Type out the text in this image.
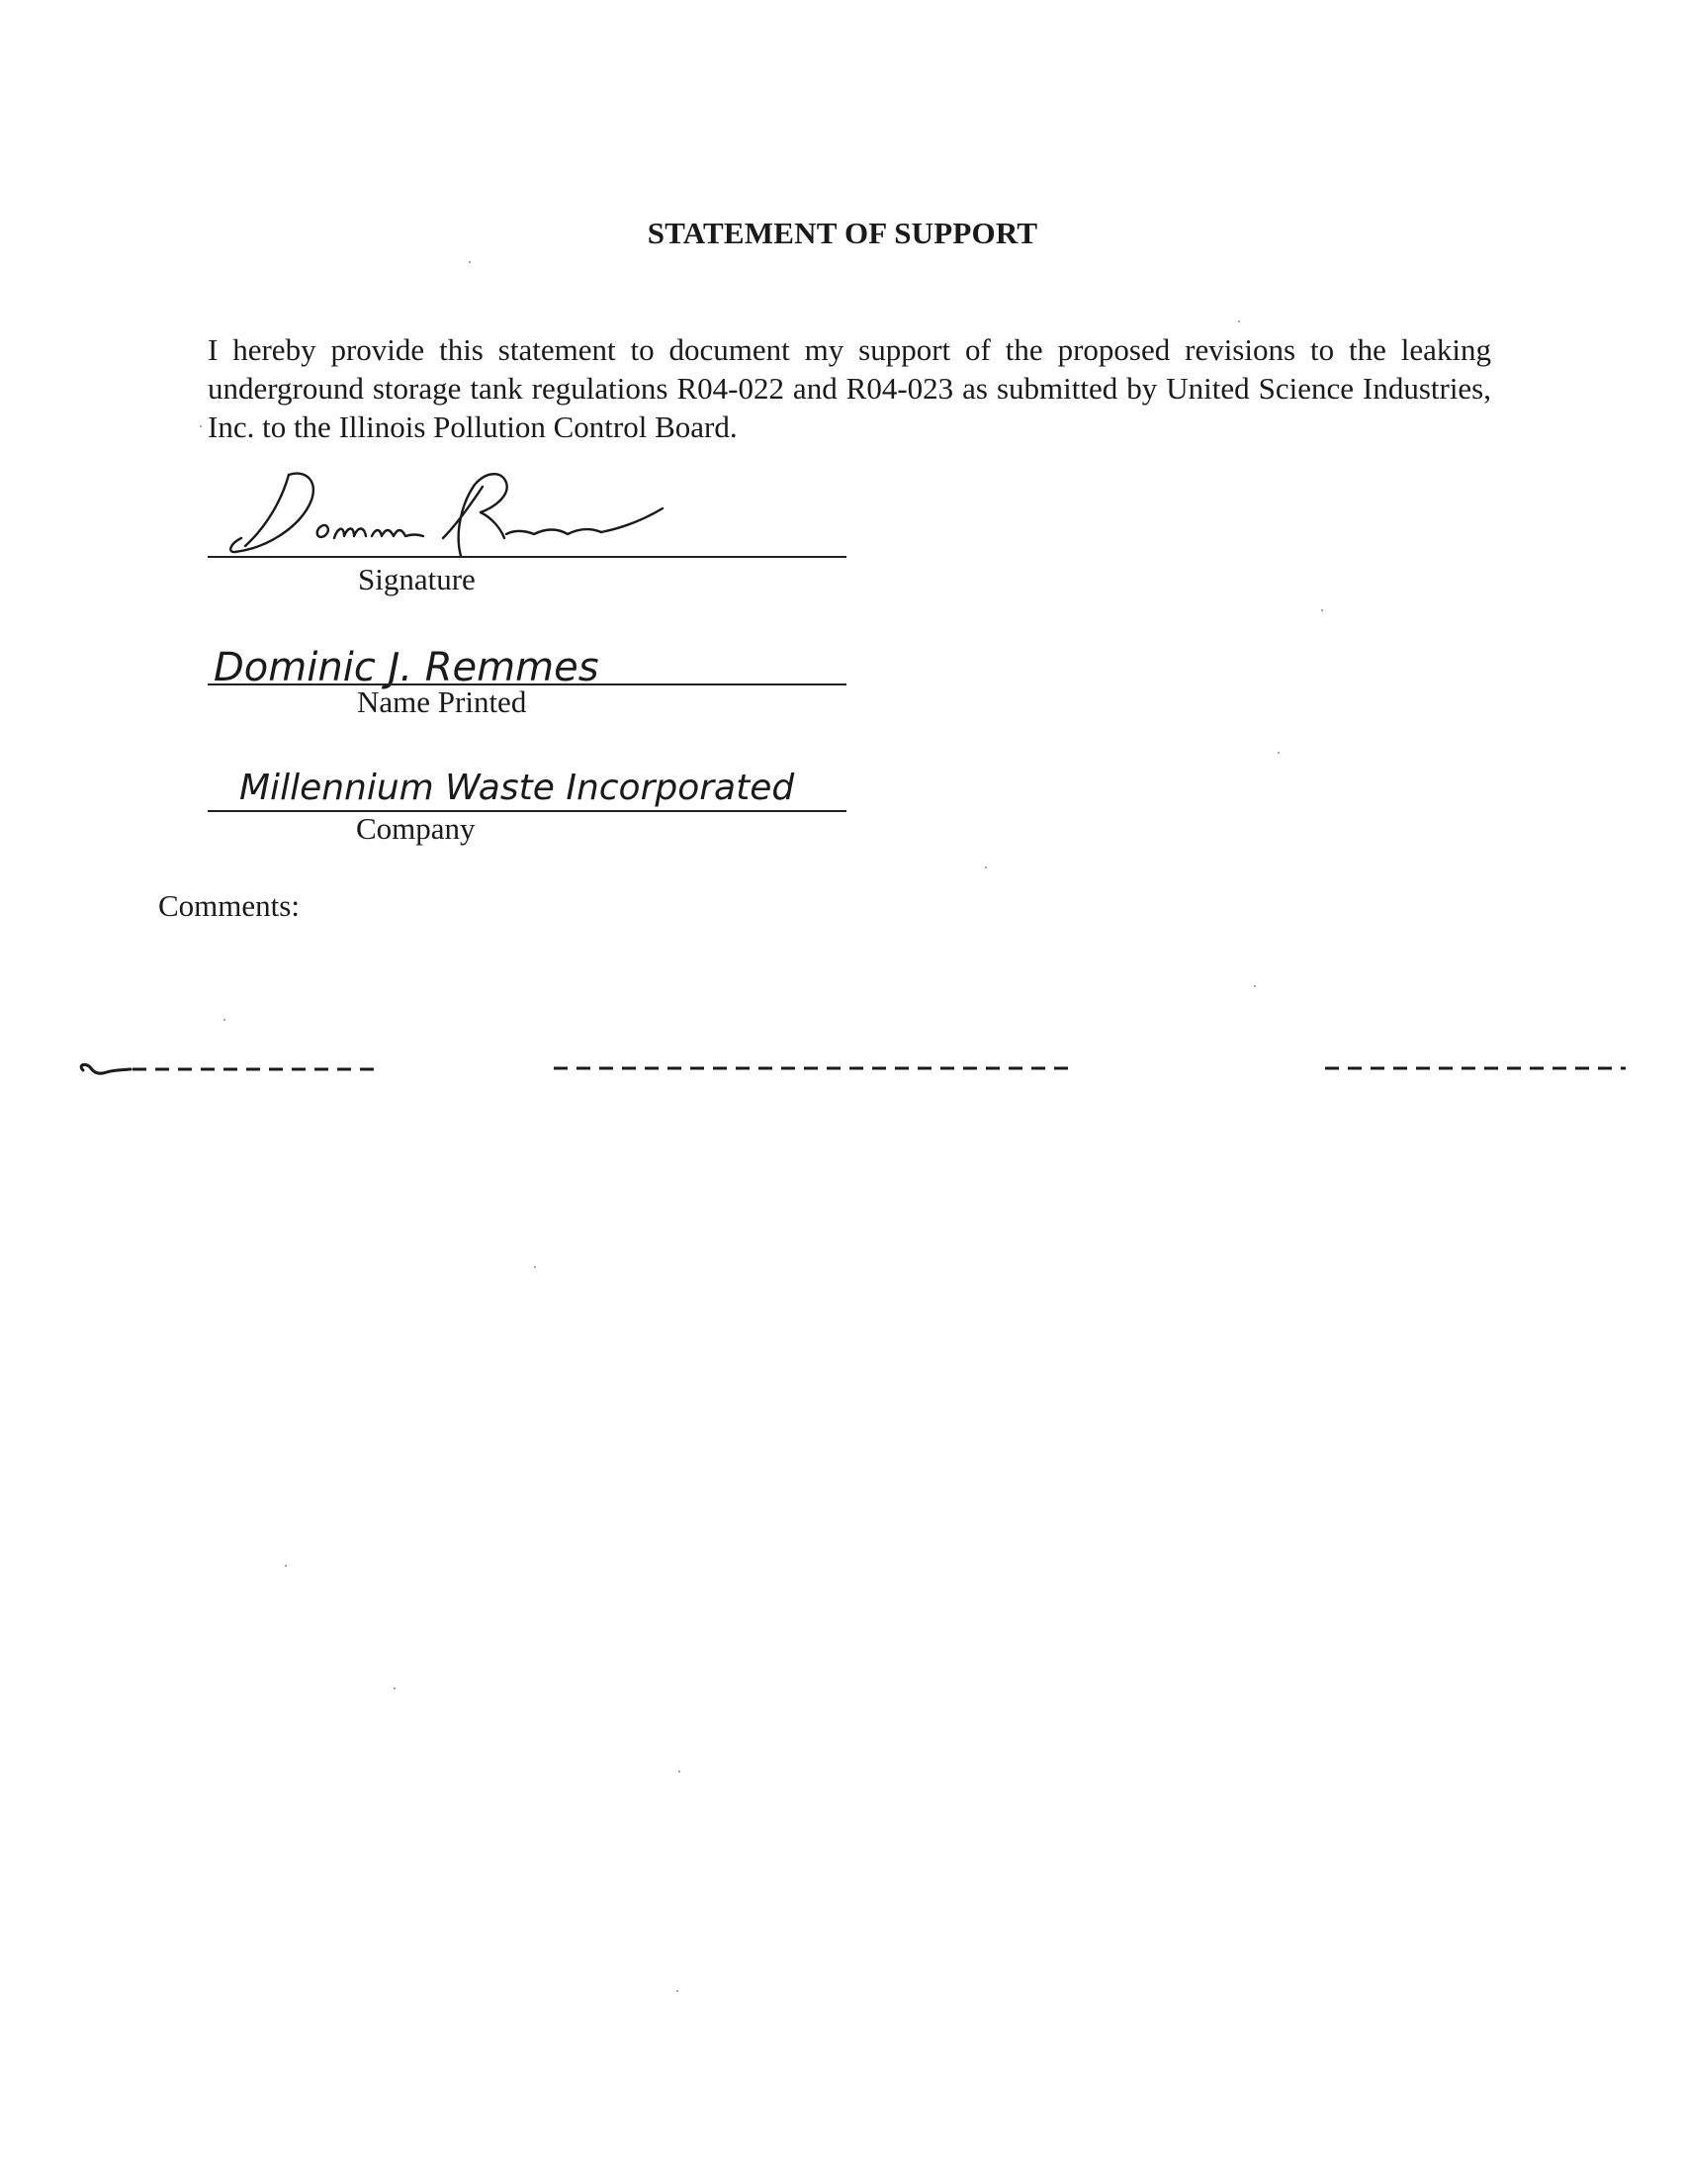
STATEMENT OF SUPPORT
I hereby provide this statement to document my support of the proposed revisions to the leaking underground storage tank regulations R04-022 and R04-023 as submitted by United Science Industries, Inc. to the Illinois Pollution Control Board.
Signature
Dominic J. Remmes
Name Printed
Millennium Waste Incorporated
Company
Comments:
